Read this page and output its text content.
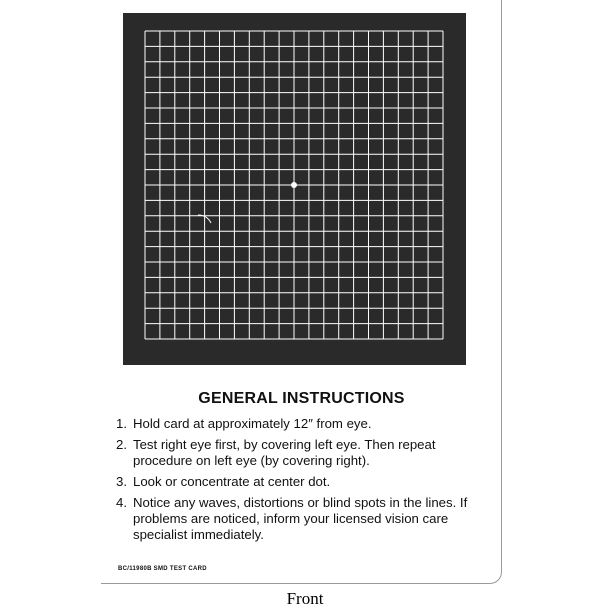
GENERAL INSTRUCTIONS
1. Hold card at approximately 12″ from eye.
2. Test right eye first, by covering left eye. Then repeat procedure on left eye (by covering right).
3. Look or concentrate at center dot.
4. Notice any waves, distortions or blind spots in the lines. If problems are noticed, inform your licensed vision care specialist immediately.
BC/11980B SMD TEST CARD
Front
